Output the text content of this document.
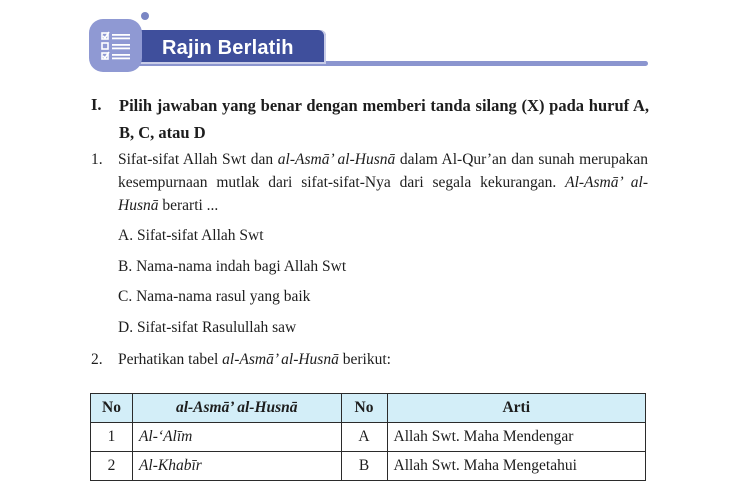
Rajin Berlatih
I. Pilih jawaban yang benar dengan memberi tanda silang (X) pada huruf A, B, C, atau D
1. Sifat-sifat Allah Swt dan al-Asmā’ al-Husnā dalam Al-Qur’an dan sunah merupakan kesempurnaan mutlak dari sifat-sifat-Nya dari segala kekurangan. Al-Asmā’ al-Husnā berarti ...
A. Sifat-sifat Allah Swt
B. Nama-nama indah bagi Allah Swt
C. Nama-nama rasul yang baik
D. Sifat-sifat Rasulullah saw
2. Perhatikan tabel al-Asmā’ al-Husnā berikut:
No	al-Asmā’ al-Husnā	No	Arti
1	Al-‘Alīm	A	Allah Swt. Maha Mendengar
2	Al-Khabīr	B	Allah Swt. Maha Mengetahui
